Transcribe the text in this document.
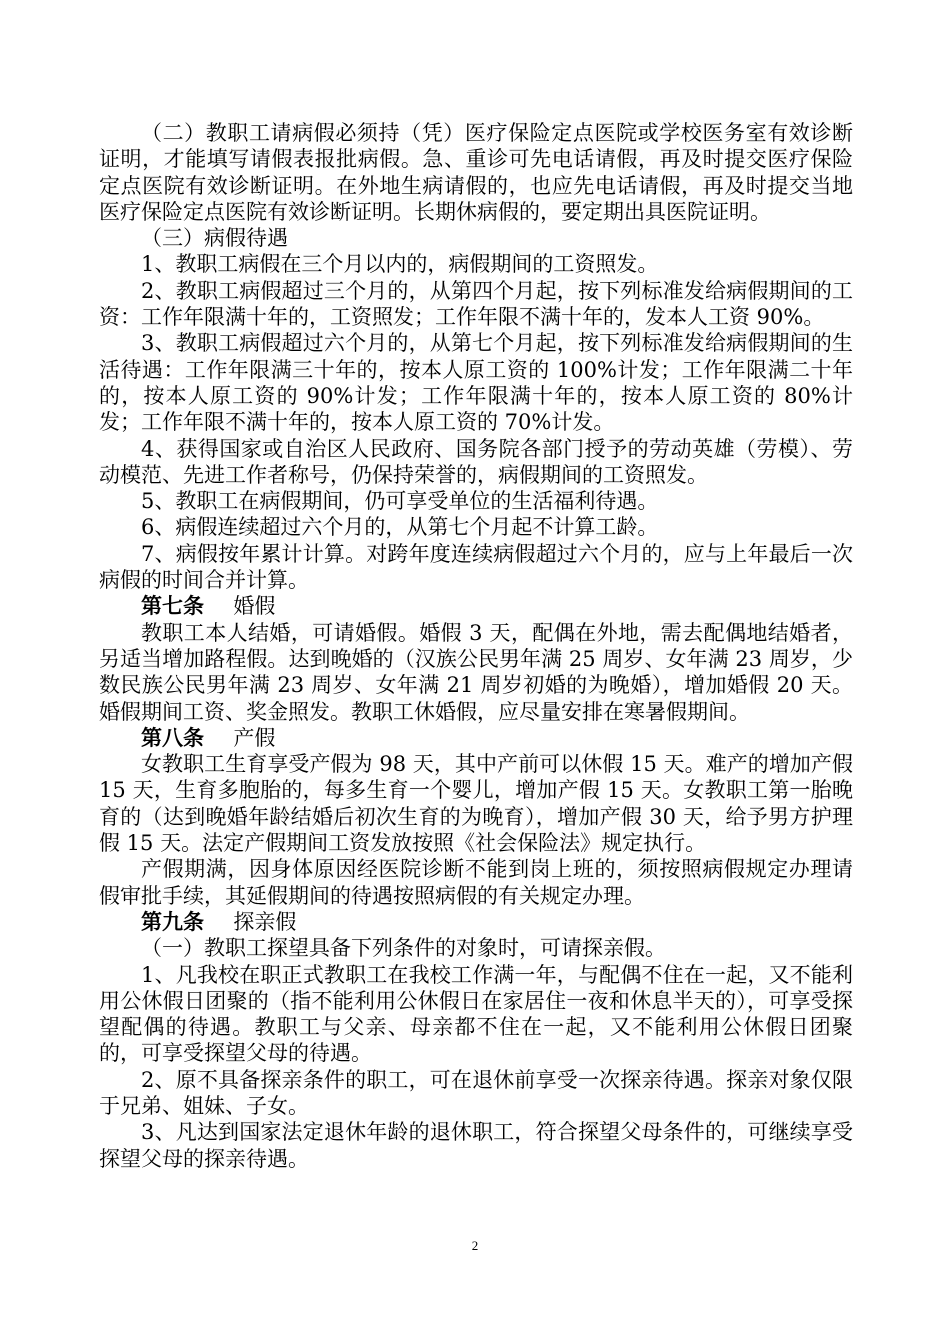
（二）教职工请病假必须持（凭）医疗保险定点医院或学校医务室有效诊断证明，才能填写请假表报批病假。急、重诊可先电话请假，再及时提交医疗保险定点医院有效诊断证明。在外地生病请假的，也应先电话请假，再及时提交当地医疗保险定点医院有效诊断证明。长期休病假的，要定期出具医院证明。

（三）病假待遇

1、教职工病假在三个月以内的，病假期间的工资照发。

2、教职工病假超过三个月的，从第四个月起，按下列标准发给病假期间的工资：工作年限满十年的，工资照发；工作年限不满十年的，发本人工资 90%。

3、教职工病假超过六个月的，从第七个月起，按下列标准发给病假期间的生活待遇：工作年限满三十年的，按本人原工资的 100%计发；工作年限满二十年的，按本人原工资的 90%计发；工作年限满十年的，按本人原工资的 80%计发；工作年限不满十年的，按本人原工资的 70%计发。

4、获得国家或自治区人民政府、国务院各部门授予的劳动英雄（劳模）、劳动模范、先进工作者称号，仍保持荣誉的，病假期间的工资照发。

5、教职工在病假期间，仍可享受单位的生活福利待遇。

6、病假连续超过六个月的，从第七个月起不计算工龄。

7、病假按年累计计算。对跨年度连续病假超过六个月的，应与上年最后一次病假的时间合并计算。

第七条 婚假

教职工本人结婚，可请婚假。婚假 3 天，配偶在外地，需去配偶地结婚者，另适当增加路程假。达到晚婚的（汉族公民男年满 25 周岁、女年满 23 周岁，少数民族公民男年满 23 周岁、女年满 21 周岁初婚的为晚婚），增加婚假 20 天。婚假期间工资、奖金照发。教职工休婚假，应尽量安排在寒暑假期间。

第八条 产假

女教职工生育享受产假为 98 天，其中产前可以休假 15 天。难产的增加产假 15 天，生育多胞胎的，每多生育一个婴儿，增加产假 15 天。女教职工第一胎晚育的（达到晚婚年龄结婚后初次生育的为晚育），增加产假 30 天，给予男方护理假 15 天。法定产假期间工资发放按照《社会保险法》规定执行。

产假期满，因身体原因经医院诊断不能到岗上班的，须按照病假规定办理请假审批手续，其延假期间的待遇按照病假的有关规定办理。

第九条 探亲假

（一）教职工探望具备下列条件的对象时，可请探亲假。

1、凡我校在职正式教职工在我校工作满一年，与配偶不住在一起，又不能利用公休假日团聚的（指不能利用公休假日在家居住一夜和休息半天的），可享受探望配偶的待遇。教职工与父亲、母亲都不住在一起，又不能利用公休假日团聚的，可享受探望父母的待遇。

2、原不具备探亲条件的职工，可在退休前享受一次探亲待遇。探亲对象仅限于兄弟、姐妹、子女。

3、凡达到国家法定退休年龄的退休职工，符合探望父母条件的，可继续享受探望父母的探亲待遇。

2
